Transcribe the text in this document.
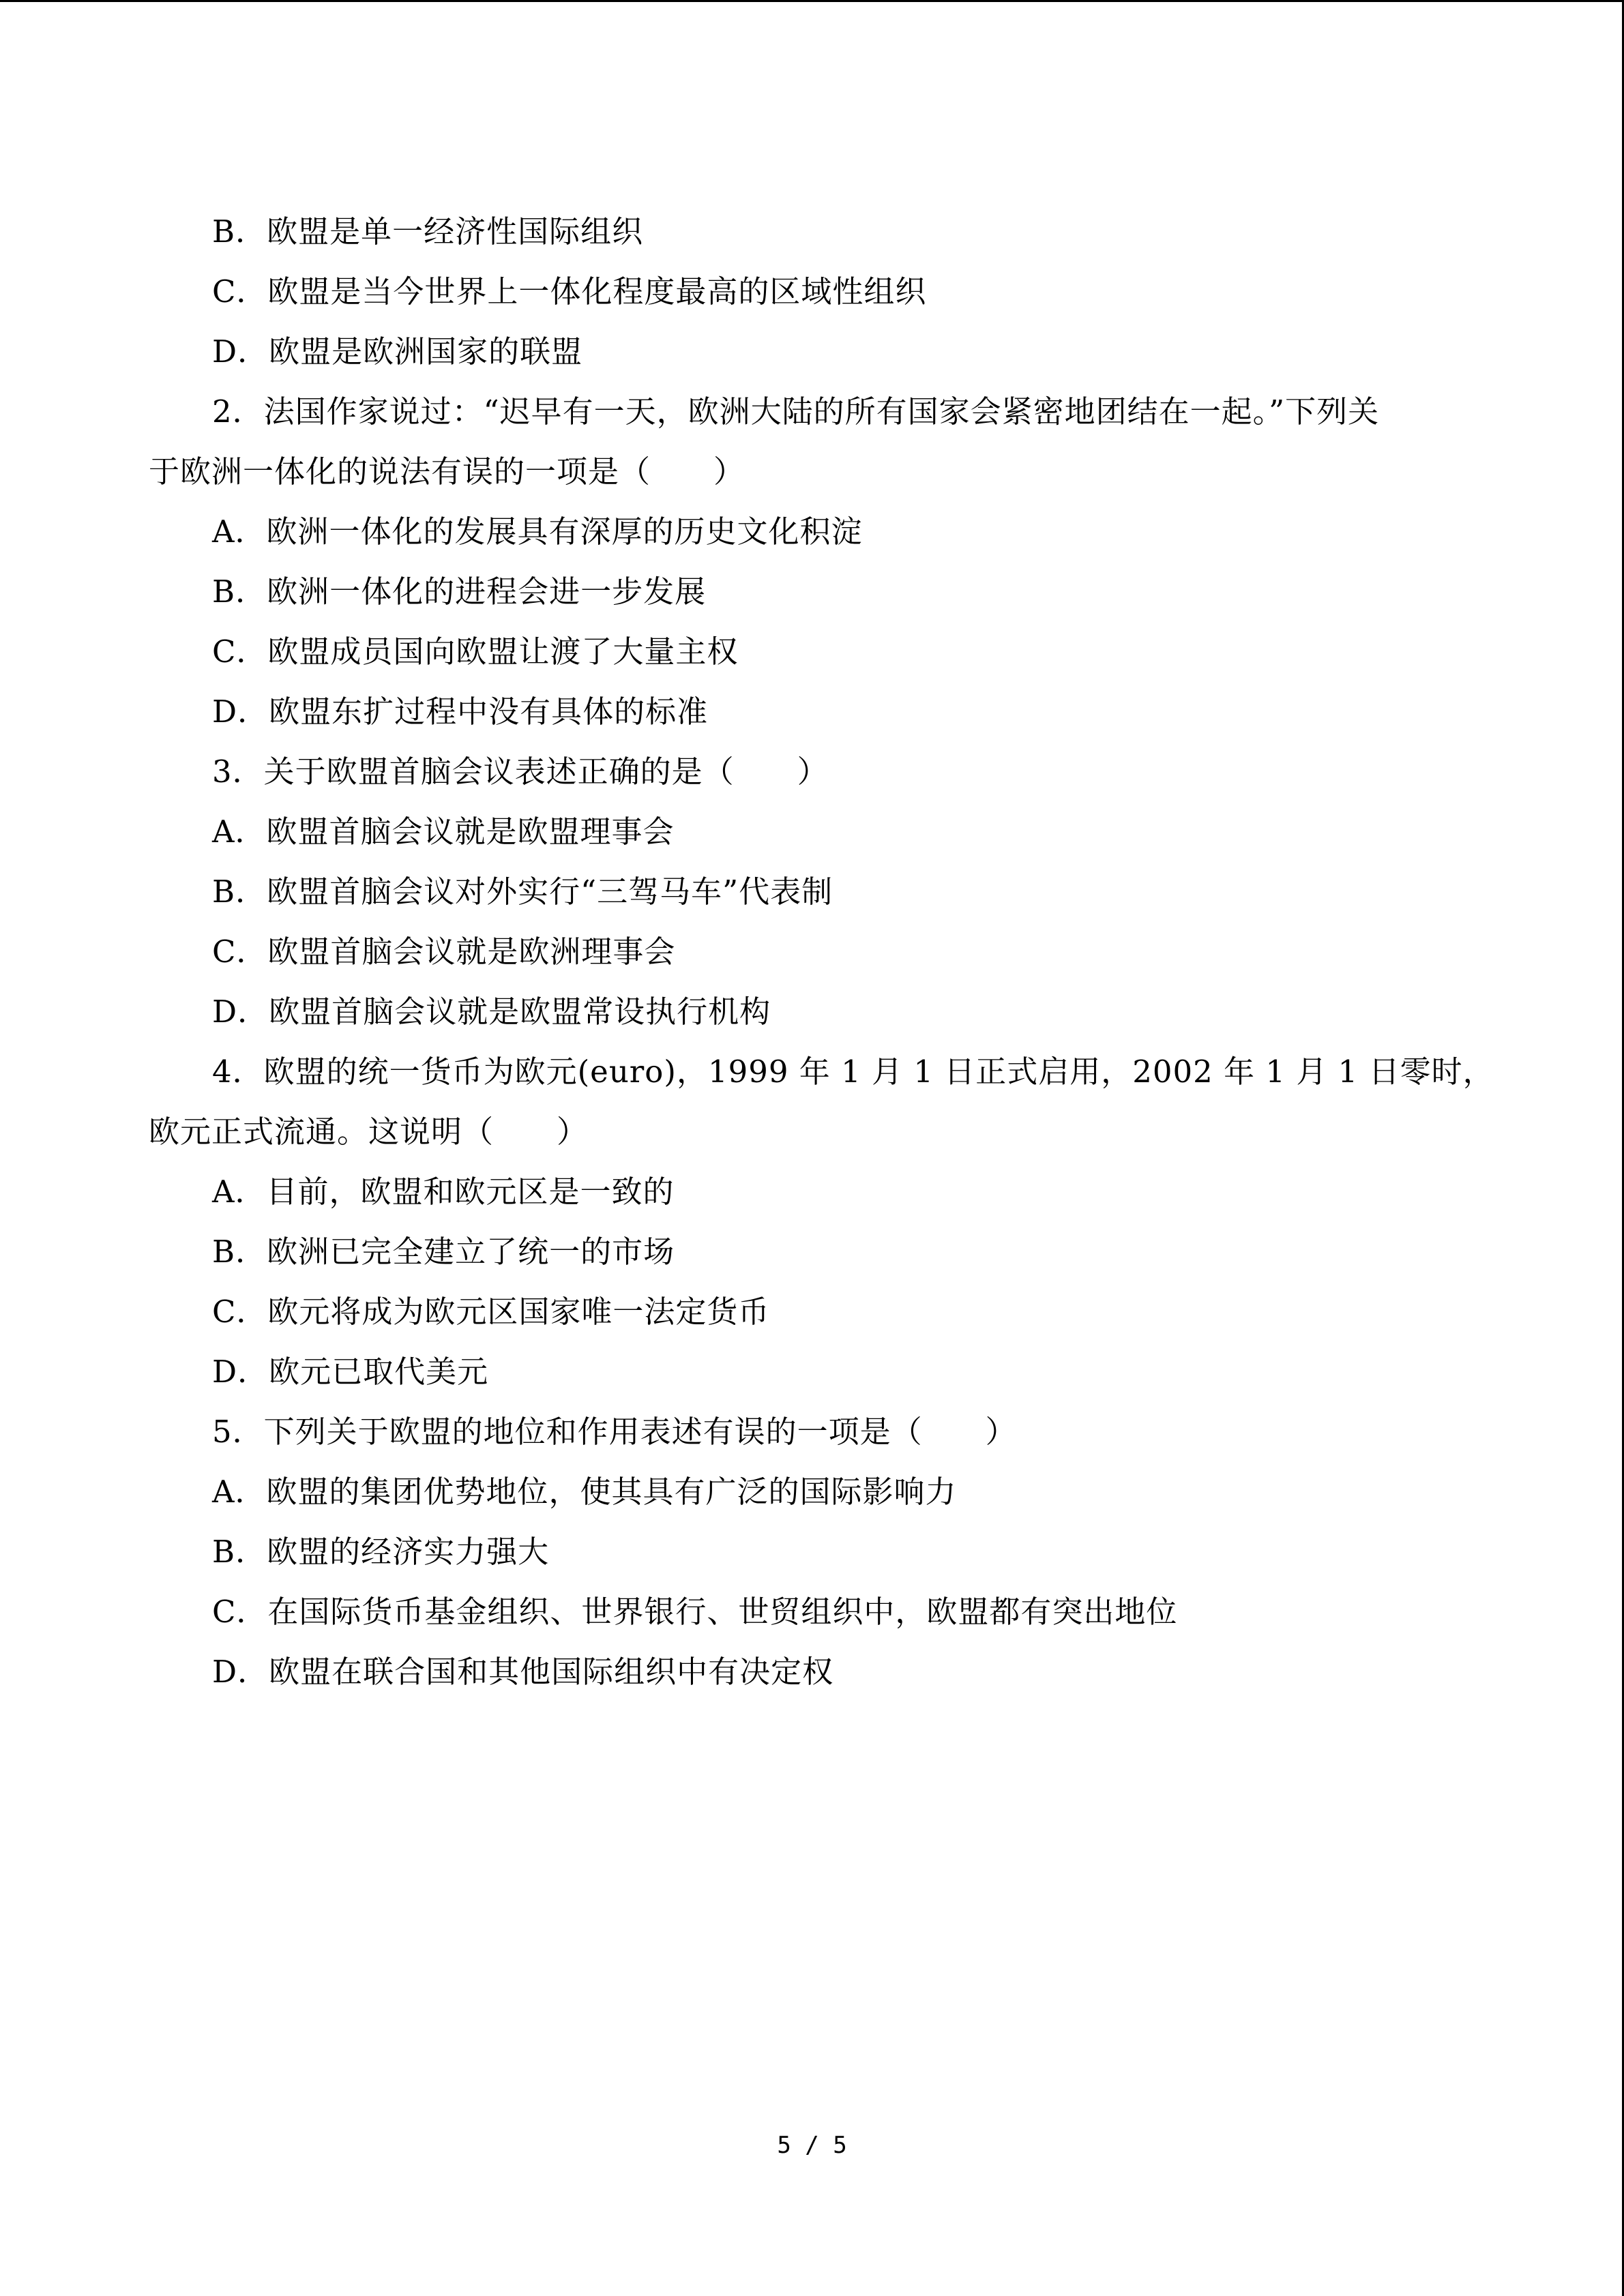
B．欧盟是单一经济性国际组织
C．欧盟是当今世界上一体化程度最高的区域性组织
D．欧盟是欧洲国家的联盟
2．法国作家说过：“迟早有一天，欧洲大陆的所有国家会紧密地团结在一起。”下列关
于欧洲一体化的说法有误的一项是（　　）
A．欧洲一体化的发展具有深厚的历史文化积淀
B．欧洲一体化的进程会进一步发展
C．欧盟成员国向欧盟让渡了大量主权
D．欧盟东扩过程中没有具体的标准
3．关于欧盟首脑会议表述正确的是（　　）
A．欧盟首脑会议就是欧盟理事会
B．欧盟首脑会议对外实行“三驾马车”代表制
C．欧盟首脑会议就是欧洲理事会
D．欧盟首脑会议就是欧盟常设执行机构
4．欧盟的统一货币为欧元(euro)，1999 年 1 月 1 日正式启用，2002 年 1 月 1 日零时，
欧元正式流通。这说明（　　）
A．目前，欧盟和欧元区是一致的
B．欧洲已完全建立了统一的市场
C．欧元将成为欧元区国家唯一法定货币
D．欧元已取代美元
5．下列关于欧盟的地位和作用表述有误的一项是（　　）
A．欧盟的集团优势地位，使其具有广泛的国际影响力
B．欧盟的经济实力强大
C．在国际货币基金组织、世界银行、世贸组织中，欧盟都有突出地位
D．欧盟在联合国和其他国际组织中有决定权
5 / 5
